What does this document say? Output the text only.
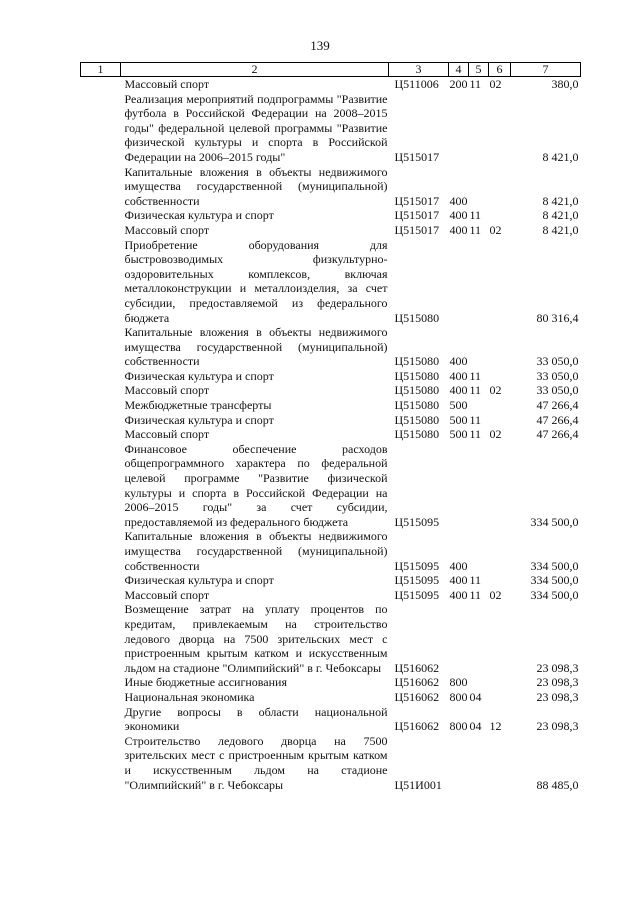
139
1	2	3	4	5	6	7
	Массовый спорт	Ц511006	200	11	02	380,0
	Реализация мероприятий подпрограммы "Развитие футбола в Российской Федерации на 2008–2015 годы" федеральной целевой программы "Развитие физической культуры и спорта в Российской Федерации на 2006–2015 годы"	Ц515017				8 421,0
	Капитальные вложения в объекты недвижимого имущества государственной (муниципальной) собственности	Ц515017	400			8 421,0
	Физическая культура и спорт	Ц515017	400	11		8 421,0
	Массовый спорт	Ц515017	400	11	02	8 421,0
	Приобретение оборудования для быстровозводимых физкультурно-оздоровительных комплексов, включая металлоконструкции и металлоизделия, за счет субсидии, предоставляемой из федерального бюджета	Ц515080				80 316,4
	Капитальные вложения в объекты недвижимого имущества государственной (муниципальной) собственности	Ц515080	400			33 050,0
	Физическая культура и спорт	Ц515080	400	11		33 050,0
	Массовый спорт	Ц515080	400	11	02	33 050,0
	Межбюджетные трансферты	Ц515080	500			47 266,4
	Физическая культура и спорт	Ц515080	500	11		47 266,4
	Массовый спорт	Ц515080	500	11	02	47 266,4
	Финансовое обеспечение расходов общепрограммного характера по федеральной целевой программе "Развитие физической культуры и спорта в Российской Федерации на 2006–2015 годы" за счет субсидии, предоставляемой из федерального бюджета	Ц515095				334 500,0
	Капитальные вложения в объекты недвижимого имущества государственной (муниципальной) собственности	Ц515095	400			334 500,0
	Физическая культура и спорт	Ц515095	400	11		334 500,0
	Массовый спорт	Ц515095	400	11	02	334 500,0
	Возмещение затрат на уплату процентов по кредитам, привлекаемым на строительство ледового дворца на 7500 зрительских мест с пристроенным крытым катком и искусственным льдом на стадионе "Олимпийский" в г. Чебоксары	Ц516062				23 098,3
	Иные бюджетные ассигнования	Ц516062	800			23 098,3
	Национальная экономика	Ц516062	800	04		23 098,3
	Другие вопросы в области национальной экономики	Ц516062	800	04	12	23 098,3
	Строительство ледового дворца на 7500 зрительских мест с пристроенным крытым катком и искусственным льдом на стадионе "Олимпийский" в г. Чебоксары	Ц51И001				88 485,0
